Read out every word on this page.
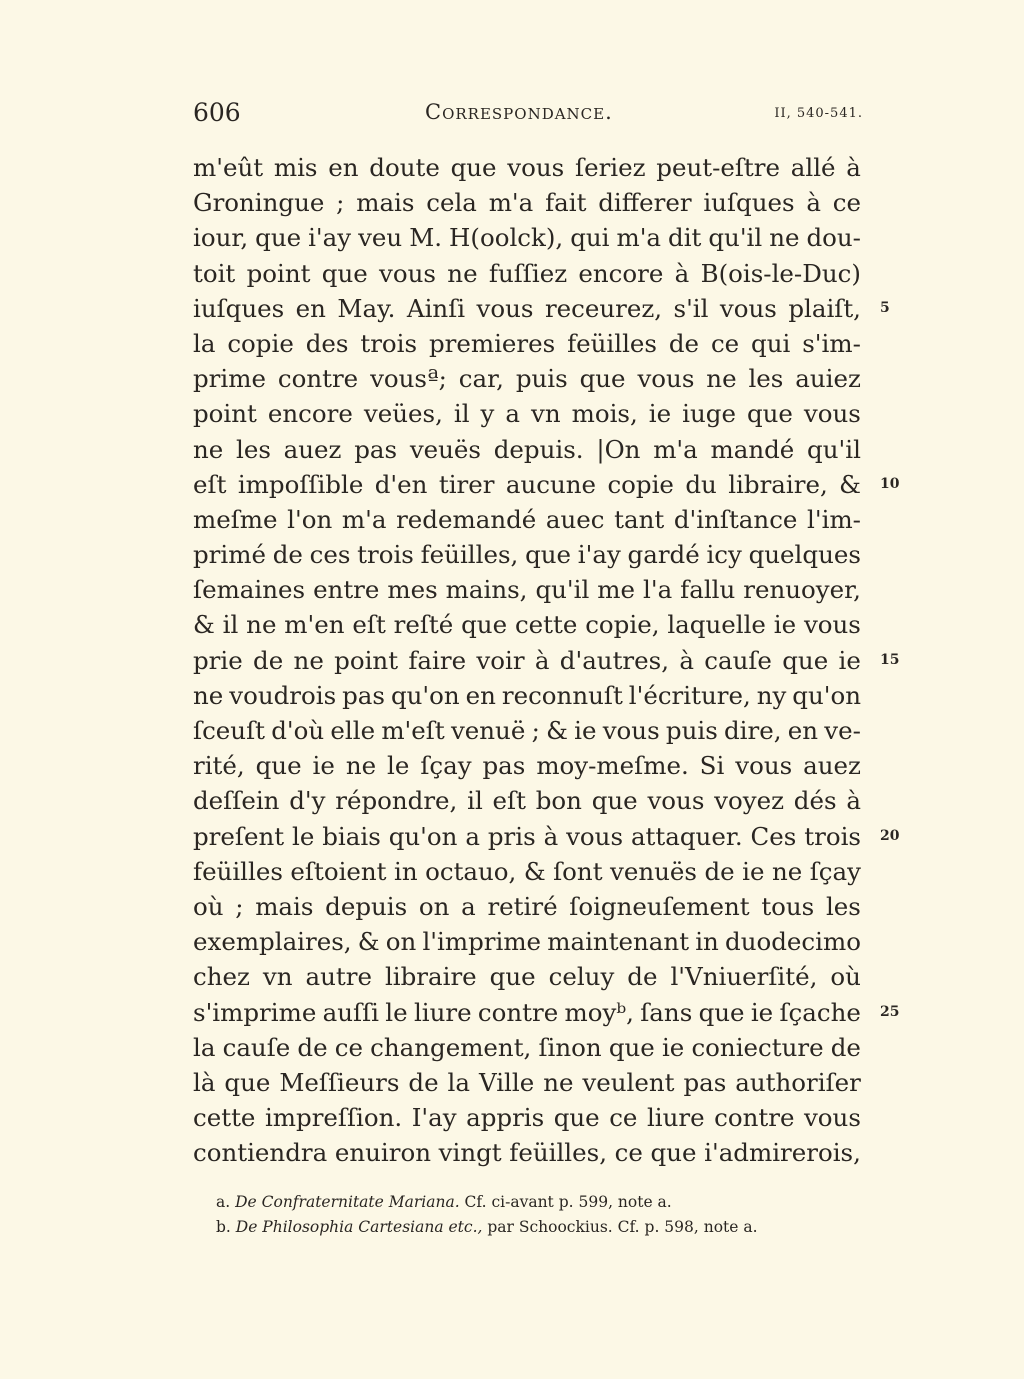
606	Correspondance.	II, 540-541.
m'eût mis en doute que vous ſeriez peut-eſtre allé à
Groningue ; mais cela m'a fait differer iuſques à ce
iour, que i'ay veu M. H(oolck), qui m'a dit qu'il ne dou-
toit point que vous ne fuſſiez encore à B(ois-le-Duc)
iuſques en May. Ainſi vous receurez, s'il vous plaiſt,
la copie des trois premieres feüilles de ce qui s'im-
prime contre vousª; car, puis que vous ne les auiez
point encore veües, il y a vn mois, ie iuge que vous
ne les auez pas veuës depuis. |On m'a mandé qu'il
eſt impoſſible d'en tirer aucune copie du libraire, &
meſme l'on m'a redemandé auec tant d'inſtance l'im-
primé de ces trois feüilles, que i'ay gardé icy quelques
ſemaines entre mes mains, qu'il me l'a fallu renuoyer,
& il ne m'en eſt reſté que cette copie, laquelle ie vous
prie de ne point faire voir à d'autres, à cauſe que ie
ne voudrois pas qu'on en reconnuſt l'écriture, ny qu'on
ſceuſt d'où elle m'eſt venuë ; & ie vous puis dire, en ve-
rité, que ie ne le ſçay pas moy-meſme. Si vous auez
deſſein d'y répondre, il eſt bon que vous voyez dés à
preſent le biais qu'on a pris à vous attaquer. Ces trois
feüilles eſtoient in octauo, & ſont venuës de ie ne ſçay
où ; mais depuis on a retiré ſoigneuſement tous les
exemplaires, & on l'imprime maintenant in duodecimo
chez vn autre libraire que celuy de l'Vniuerſité, où
s'imprime auſſi le liure contre moyᵇ, ſans que ie ſçache
la cauſe de ce changement, ſinon que ie coniecture de
là que Meſſieurs de la Ville ne veulent pas authoriſer
cette impreſſion. I'ay appris que ce liure contre vous
contiendra enuiron vingt feüilles, ce que i'admirerois,
5
10
15
20
25
a. De Confraternitate Mariana. Cf. ci-avant p. 599, note a.
b. De Philosophia Cartesiana etc., par Schoockius. Cf. p. 598, note a.
